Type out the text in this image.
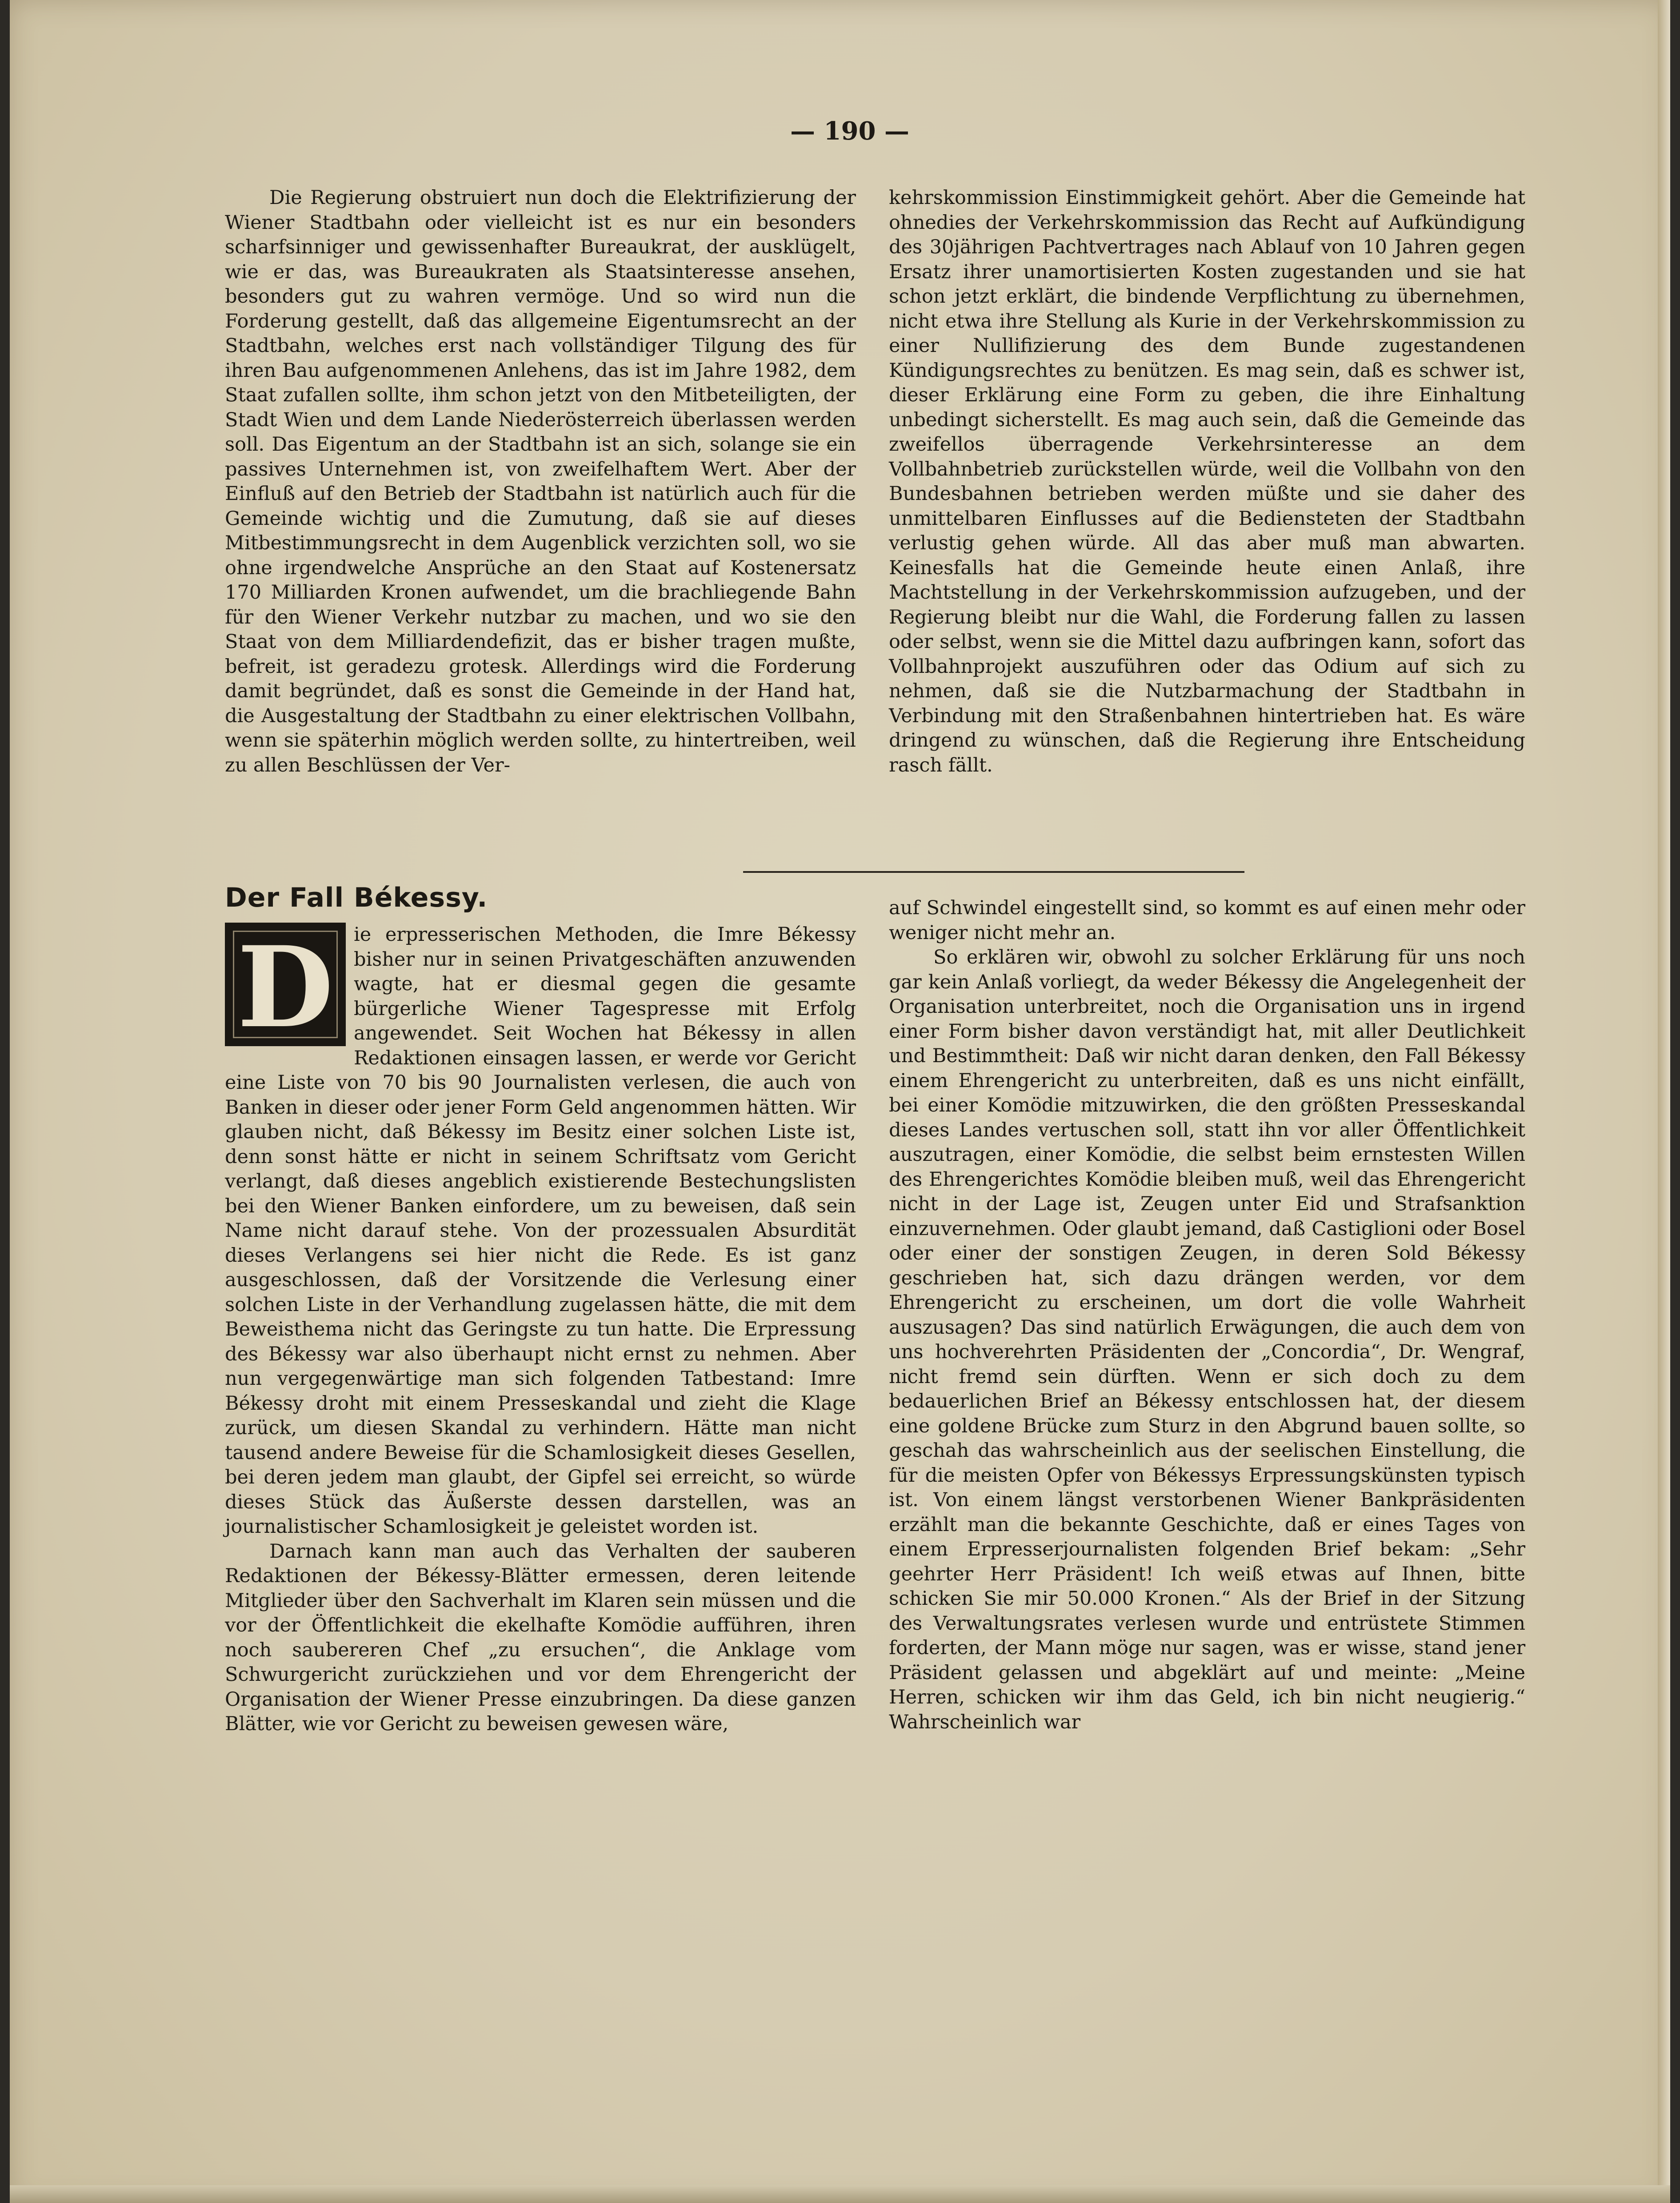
— 190 —

Die Regierung obstruiert nun doch die Elektrifizierung der Wiener Stadtbahn oder vielleicht ist es nur ein besonders scharfsinniger und gewissenhafter Bureaukrat, der ausklügelt, wie er das, was Bureaukraten als Staatsinteresse ansehen, besonders gut zu wahren vermöge. Und so wird nun die Forderung gestellt, daß das allgemeine Eigentumsrecht an der Stadtbahn, welches erst nach vollständiger Tilgung des für ihren Bau aufgenommenen Anlehens, das ist im Jahre 1982, dem Staat zufallen sollte, ihm schon jetzt von den Mitbeteiligten, der Stadt Wien und dem Lande Niederösterreich überlassen werden soll. Das Eigentum an der Stadtbahn ist an sich, solange sie ein passives Unternehmen ist, von zweifelhaftem Wert. Aber der Einfluß auf den Betrieb der Stadtbahn ist natürlich auch für die Gemeinde wichtig und die Zumutung, daß sie auf dieses Mitbestimmungsrecht in dem Augenblick verzichten soll, wo sie ohne irgendwelche Ansprüche an den Staat auf Kostenersatz 170 Milliarden Kronen aufwendet, um die brachliegende Bahn für den Wiener Verkehr nutzbar zu machen, und wo sie den Staat von dem Milliardendefizit, das er bisher tragen mußte, befreit, ist geradezu grotesk. Allerdings wird die Forderung damit begründet, daß es sonst die Gemeinde in der Hand hat, die Ausgestaltung der Stadtbahn zu einer elektrischen Vollbahn, wenn sie späterhin möglich werden sollte, zu hintertreiben, weil zu allen Beschlüssen der Ver-

kehrskommission Einstimmigkeit gehört. Aber die Gemeinde hat ohnedies der Verkehrskommission das Recht auf Aufkündigung des 30jährigen Pachtvertrages nach Ablauf von 10 Jahren gegen Ersatz ihrer unamortisierten Kosten zugestanden und sie hat schon jetzt erklärt, die bindende Verpflichtung zu übernehmen, nicht etwa ihre Stellung als Kurie in der Verkehrskommission zu einer Nullifizierung des dem Bunde zugestandenen Kündigungsrechtes zu benützen. Es mag sein, daß es schwer ist, dieser Erklärung eine Form zu geben, die ihre Einhaltung unbedingt sicherstellt. Es mag auch sein, daß die Gemeinde das zweifellos überragende Verkehrsinteresse an dem Vollbahnbetrieb zurückstellen würde, weil die Vollbahn von den Bundesbahnen betrieben werden müßte und sie daher des unmittelbaren Einflusses auf die Bediensteten der Stadtbahn verlustig gehen würde. All das aber muß man abwarten. Keinesfalls hat die Gemeinde heute einen Anlaß, ihre Machtstellung in der Verkehrskommission aufzugeben, und der Regierung bleibt nur die Wahl, die Forderung fallen zu lassen oder selbst, wenn sie die Mittel dazu aufbringen kann, sofort das Vollbahnprojekt auszuführen oder das Odium auf sich zu nehmen, daß sie die Nutzbarmachung der Stadtbahn in Verbindung mit den Straßenbahnen hintertrieben hat. Es wäre dringend zu wünschen, daß die Regierung ihre Entscheidung rasch fällt.

Der Fall Békessy.

D	ie erpresserischen Methoden, die Imre Békessy bisher nur in seinen Privatgeschäften anzuwenden wagte, hat er diesmal gegen die gesamte bürgerliche Wiener Tagespresse mit Erfolg angewendet. Seit Wochen hat Békessy in allen Redaktionen einsagen lassen, er werde vor Gericht eine Liste von 70 bis 90 Journalisten verlesen, die auch von Banken in dieser oder jener Form Geld angenommen hätten. Wir glauben nicht, daß Békessy im Besitz einer solchen Liste ist, denn sonst hätte er nicht in seinem Schriftsatz vom Gericht verlangt, daß dieses angeblich existierende Bestechungslisten bei den Wiener Banken einfordere, um zu beweisen, daß sein Name nicht darauf stehe. Von der prozessualen Absurdität dieses Verlangens sei hier nicht die Rede. Es ist ganz ausgeschlossen, daß der Vorsitzende die Verlesung einer solchen Liste in der Verhandlung zugelassen hätte, die mit dem Beweisthema nicht das Geringste zu tun hatte. Die Erpressung des Békessy war also überhaupt nicht ernst zu nehmen. Aber nun vergegenwärtige man sich folgenden Tatbestand: Imre Békessy droht mit einem Presseskandal und zieht die Klage zurück, um diesen Skandal zu verhindern. Hätte man nicht tausend andere Beweise für die Schamlosigkeit dieses Gesellen, bei deren jedem man glaubt, der Gipfel sei erreicht, so würde dieses Stück das Äußerste dessen darstellen, was an journalistischer Schamlosigkeit je geleistet worden ist.

Darnach kann man auch das Verhalten der sauberen Redaktionen der Békessy-Blätter ermessen, deren leitende Mitglieder über den Sachverhalt im Klaren sein müssen und die vor der Öffentlichkeit die ekelhafte Komödie aufführen, ihren noch saubereren Chef „zu ersuchen“, die Anklage vom Schwurgericht zurückziehen und vor dem Ehrengericht der Organisation der Wiener Presse einzubringen. Da diese ganzen Blätter, wie vor Gericht zu beweisen gewesen wäre,

auf Schwindel eingestellt sind, so kommt es auf einen mehr oder weniger nicht mehr an.

So erklären wir, obwohl zu solcher Erklärung für uns noch gar kein Anlaß vorliegt, da weder Békessy die Angelegenheit der Organisation unterbreitet, noch die Organisation uns in irgend einer Form bisher davon verständigt hat, mit aller Deutlichkeit und Bestimmtheit: Daß wir nicht daran denken, den Fall Békessy einem Ehrengericht zu unterbreiten, daß es uns nicht einfällt, bei einer Komödie mitzuwirken, die den größten Presseskandal dieses Landes vertuschen soll, statt ihn vor aller Öffentlichkeit auszutragen, einer Komödie, die selbst beim ernstesten Willen des Ehrengerichtes Komödie bleiben muß, weil das Ehrengericht nicht in der Lage ist, Zeugen unter Eid und Strafsanktion einzuvernehmen. Oder glaubt jemand, daß Castiglioni oder Bosel oder einer der sonstigen Zeugen, in deren Sold Békessy geschrieben hat, sich dazu drängen werden, vor dem Ehrengericht zu erscheinen, um dort die volle Wahrheit auszusagen? Das sind natürlich Erwägungen, die auch dem von uns hochverehrten Präsidenten der „Concordia“, Dr. Wengraf, nicht fremd sein dürften. Wenn er sich doch zu dem bedauerlichen Brief an Békessy entschlossen hat, der diesem eine goldene Brücke zum Sturz in den Abgrund bauen sollte, so geschah das wahrscheinlich aus der seelischen Einstellung, die für die meisten Opfer von Békessys Erpressungskünsten typisch ist. Von einem längst verstorbenen Wiener Bankpräsidenten erzählt man die bekannte Geschichte, daß er eines Tages von einem Erpresserjournalisten folgenden Brief bekam: „Sehr geehrter Herr Präsident! Ich weiß etwas auf Ihnen, bitte schicken Sie mir 50.000 Kronen.“ Als der Brief in der Sitzung des Verwaltungsrates verlesen wurde und entrüstete Stimmen forderten, der Mann möge nur sagen, was er wisse, stand jener Präsident gelassen und abgeklärt auf und meinte: „Meine Herren, schicken wir ihm das Geld, ich bin nicht neugierig.“ Wahrscheinlich war
